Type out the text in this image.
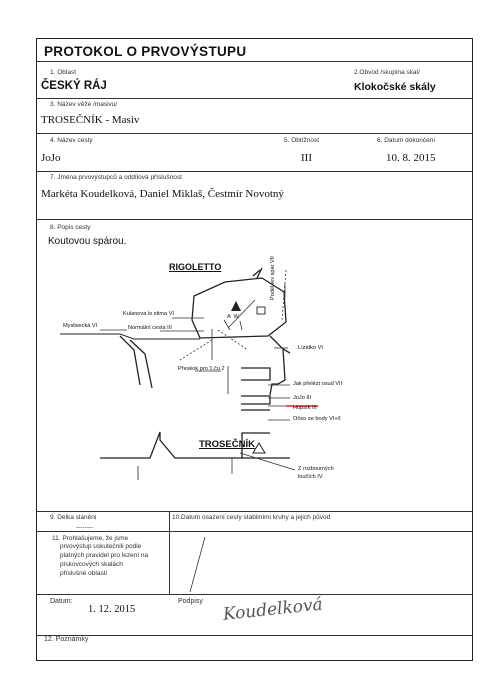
PROTOKOL O PRVOVÝSTUPU
1. Oblast
ČESKÝ RÁJ
2.Obvod /skupina skal/
Klokočské skály
3. Název věže /masivu/
TROSEČNÍK - Masiv
4. Název cesty
JoJo
5. Obtížnost
III
6. Datum dokončení
10. 8. 2015
7. Jména prvovýstupců a oddílová příslušnost
Markéta Koudelková, Daniel Miklaš, Čestmír Novotný
8. Popis cesty
Koutovou spárou.
A  W
RIGOLETTO
TROSEČNÍK
Podél lev spár VII
Kulanova lo stima VI
Myslivecká VI	Normální cesta III
Lízátko VI
Přeskok pro 1.ču 2
Jak přelézt osud VII
JoJo III
Hopsík III
Očeo se body VI+/I
Z rozbourných
loučích IV
9. Délka slanění
--------
10.Datum osazení cesty stabilními kruhy a jejich původ
11. Prohlašujeme, že jsme
prvovýstup uskutečnili podle
platných pravidel pro lezení na
pískovcových skalách
příslušné oblasti
Datum:
1. 12. 2015
Podpisy Koudelková
12. Poznámky
